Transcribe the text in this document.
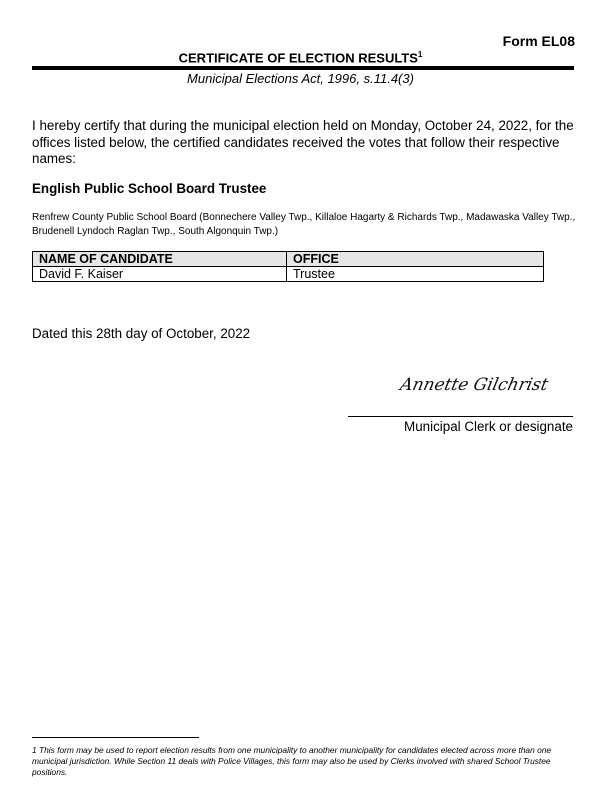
Form EL08
CERTIFICATE OF ELECTION RESULTS$^1$
Municipal Elections Act, 1996, s.11.4(3)
I hereby certify that during the municipal election held on Monday, October 24, 2022, for the offices listed below, the certified candidates received the votes that follow their respective names:
English Public School Board Trustee
Renfrew County Public School Board (Bonnechere Valley Twp., Killaloe Hagarty & Richards Twp., Madawaska Valley Twp., Brudenell Lyndoch Raglan Twp., South Algonquin Twp.)
NAME OF CANDIDATE	OFFICE
David F. Kaiser	Trustee
Dated this 28th day of October, 2022
Annette Gilchrist
Municipal Clerk or designate
1 This form may be used to report election results from one municipality to another municipality for candidates elected across more than one municipal jurisdiction. While Section 11 deals with Police Villages, this form may also be used by Clerks involved with shared School Trustee positions.
